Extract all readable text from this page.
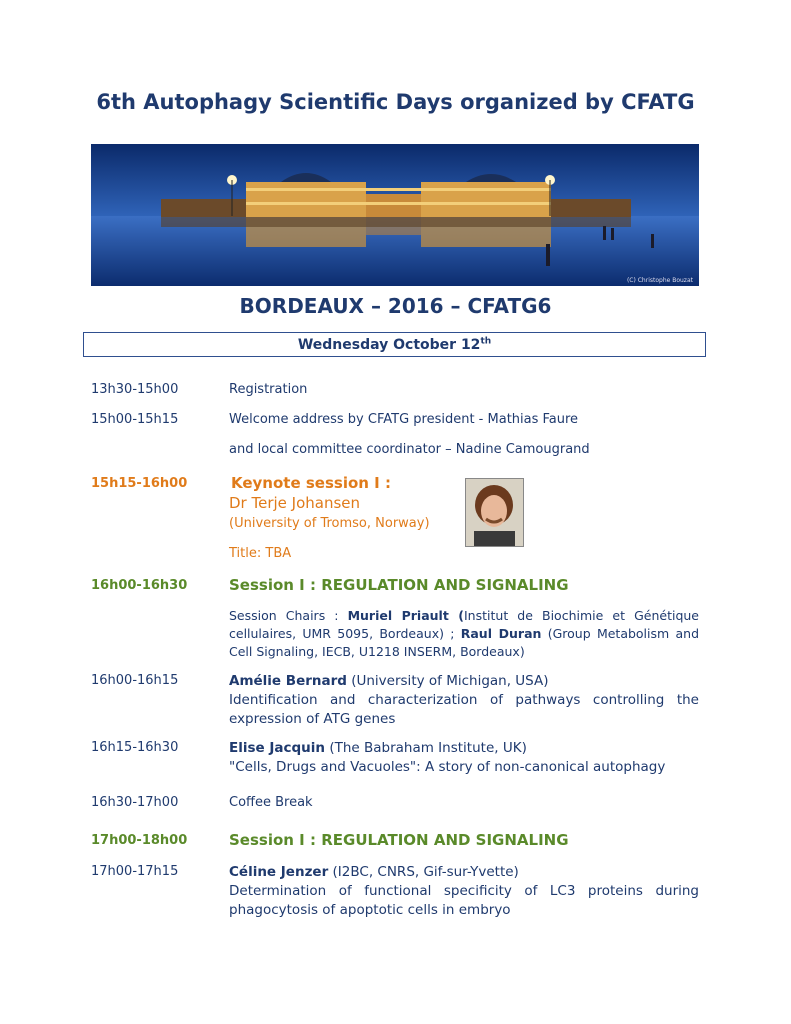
6th Autophagy Scientific Days organized by CFATG
(C) Christophe Bouzat
BORDEAUX – 2016 – CFATG6
Wednesday October 12th
13h30-15h00	Registration
15h00-15h15	Welcome address by CFATG president - Mathias Faure
and local committee coordinator – Nadine Camougrand
15h15-16h00	Keynote session I :
Dr Terje Johansen
(University of Tromso, Norway)
Title: TBA
16h00-16h30	Session I : REGULATION AND SIGNALING
Session Chairs : Muriel Priault (Institut de Biochimie et Génétique cellulaires, UMR 5095, Bordeaux) ; Raul Duran (Group Metabolism and Cell Signaling, IECB, U1218 INSERM, Bordeaux)
16h00-16h15	Amélie Bernard (University of Michigan, USA)
Identification and characterization of pathways controlling the expression of ATG genes
16h15-16h30	Elise Jacquin (The Babraham Institute, UK)
"Cells, Drugs and Vacuoles": A story of non-canonical autophagy
16h30-17h00	Coffee Break
17h00-18h00	Session I : REGULATION AND SIGNALING
17h00-17h15	Céline Jenzer (I2BC, CNRS, Gif-sur-Yvette)
Determination of functional specificity of LC3 proteins during phagocytosis of apoptotic cells in embryo
